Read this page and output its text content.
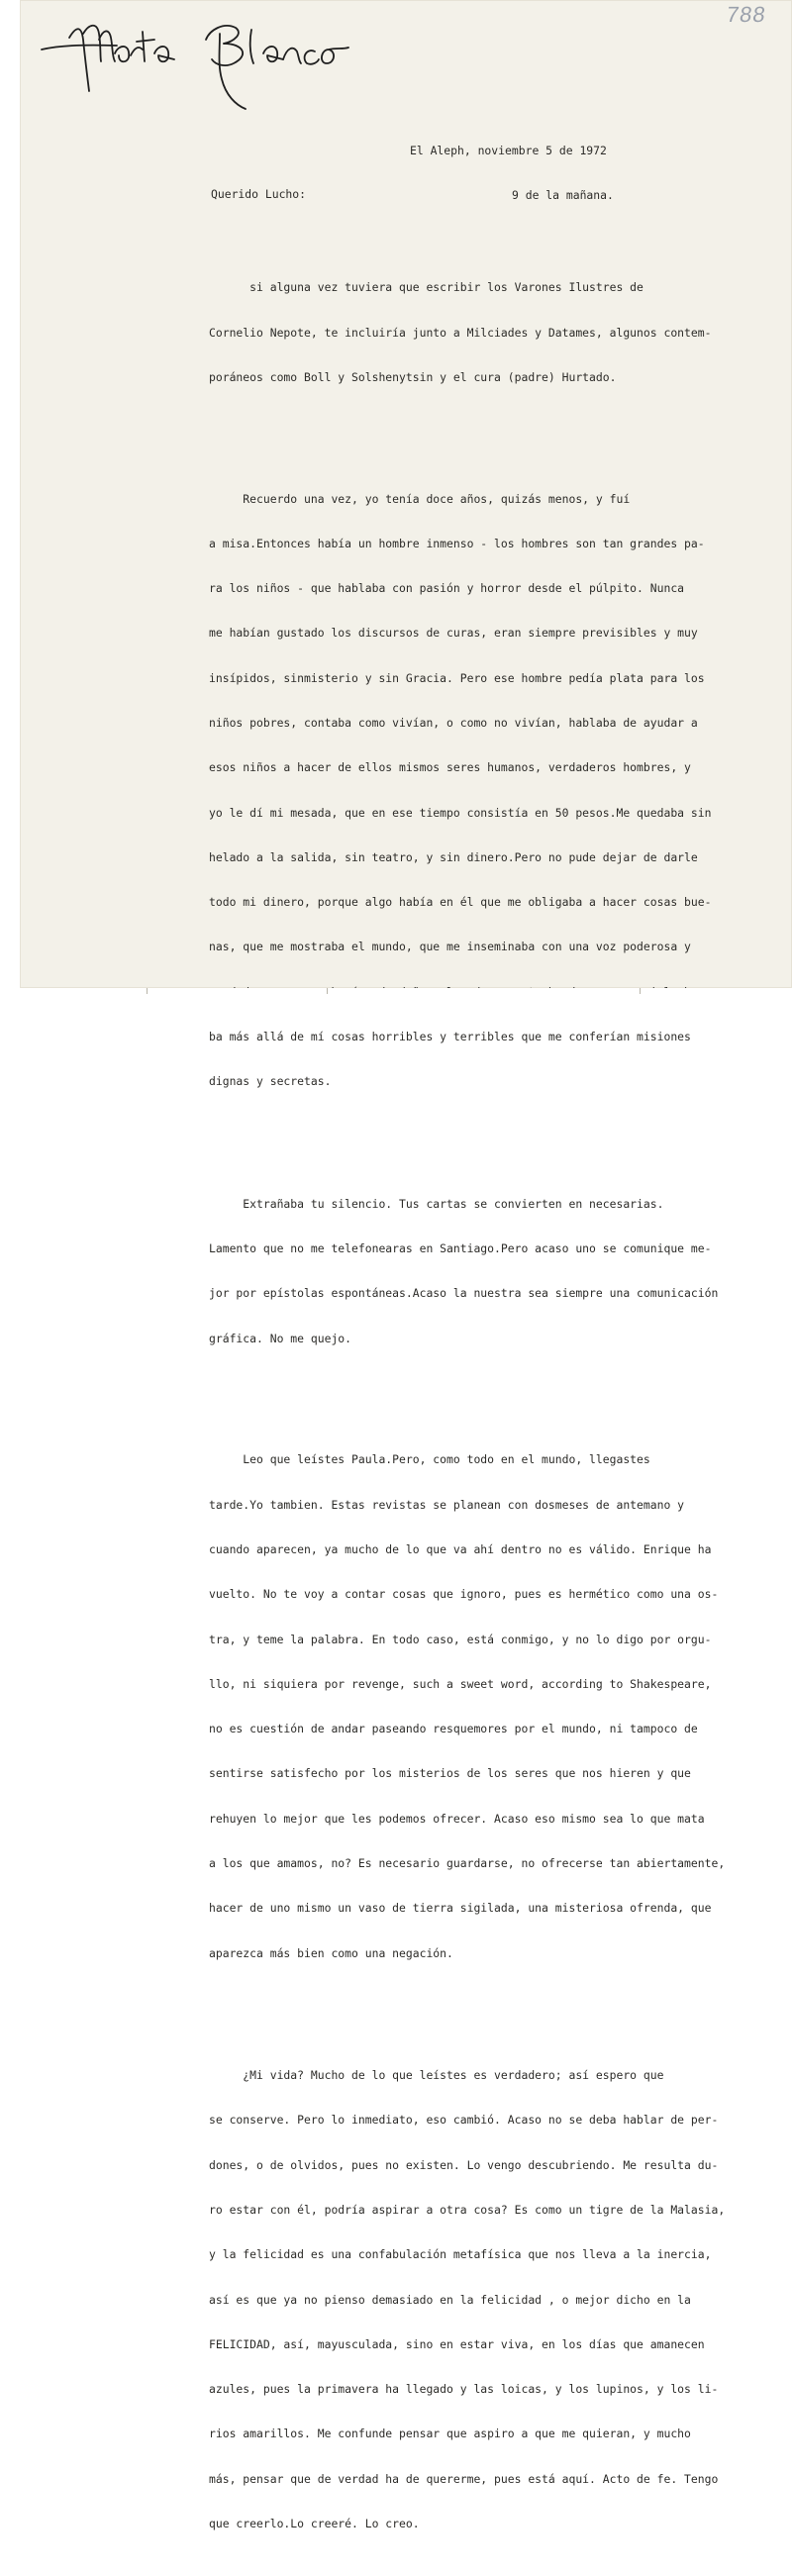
788

El Aleph, noviembre 5 de 1972

9 de la mañana.

Querido Lucho:

si alguna vez tuviera que escribir los Varones Ilustres de

Cornelio Nepote, te incluiría junto a Milciades y Datames, algunos contem-

poráneos como Boll y Solshenytsin y el cura (padre) Hurtado.

Recuerdo una vez, yo tenía doce años, quizás menos, y fuí

a misa.Entonces había un hombre inmenso - los hombres son tan grandes pa-

ra los niños - que hablaba con pasión y horror desde el púlpito. Nunca

me habían gustado los discursos de curas, eran siempre previsibles y muy

insípidos, sinmisterio y sin Gracia. Pero ese hombre pedía plata para los

niños pobres, contaba como vivían, o como no vivían, hablaba de ayudar a

esos niños a hacer de ellos mismos seres humanos, verdaderos hombres, y

yo le dí mi mesada, que en ese tiempo consistía en 50 pesos.Me quedaba sin

helado a la salida, sin teatro, y sin dinero.Pero no pude dejar de darle

todo mi dinero, porque algo había en él que me obligaba a hacer cosas bue-

nas, que me mostraba el mundo, que me inseminaba con una voz poderosa y

ba más allá de mí cosas horribles y terribles que me conferían misiones

dignas y secretas.

Extrañaba tu silencio. Tus cartas se convierten en necesarias.

Lamento que no me telefonearas en Santiago.Pero acaso uno se comunique me-

jor por epístolas espontáneas.Acaso la nuestra sea siempre una comunicación

gráfica. No me quejo.

Leo que leístes Paula.Pero, como todo en el mundo, llegastes

tarde.Yo tambien. Estas revistas se planean con dosmeses de antemano y

cuando aparecen, ya mucho de lo que va ahí dentro no es válido. Enrique ha

vuelto. No te voy a contar cosas que ignoro, pues es hermético como una os-

tra, y teme la palabra. En todo caso, está conmigo, y no lo digo por orgu-

llo, ni siquiera por revenge, such a sweet word, according to Shakespeare,

no es cuestión de andar paseando resquemores por el mundo, ni tampoco de

sentirse satisfecho por los misterios de los seres que nos hieren y que

rehuyen lo mejor que les podemos ofrecer. Acaso eso mismo sea lo que mata

a los que amamos, no? Es necesario guardarse, no ofrecerse tan abiertamente,

hacer de uno mismo un vaso de tierra sigilada, una misteriosa ofrenda, que

aparezca más bien como una negación.

¿Mi vida? Mucho de lo que leístes es verdadero; así espero que

se conserve. Pero lo inmediato, eso cambió. Acaso no se deba hablar de per-

dones, o de olvidos, pues no existen. Lo vengo descubriendo. Me resulta du-

ro estar con él, podría aspirar a otra cosa? Es como un tigre de la Malasia,

y la felicidad es una confabulación metafísica que nos lleva a la inercia,

así es que ya no pienso demasiado en la felicidad , o mejor dicho en la

FELICIDAD, así, mayusculada, sino en estar viva, en los días que amanecen

azules, pues la primavera ha llegado y las loicas, y los lupinos, y los li-

rios amarillos. Me confunde pensar que aspiro a que me quieran, y mucho

más, pensar que de verdad ha de quererme, pues está aquí. Acto de fe. Tengo

que creerlo.Lo creeré. Lo creo.
